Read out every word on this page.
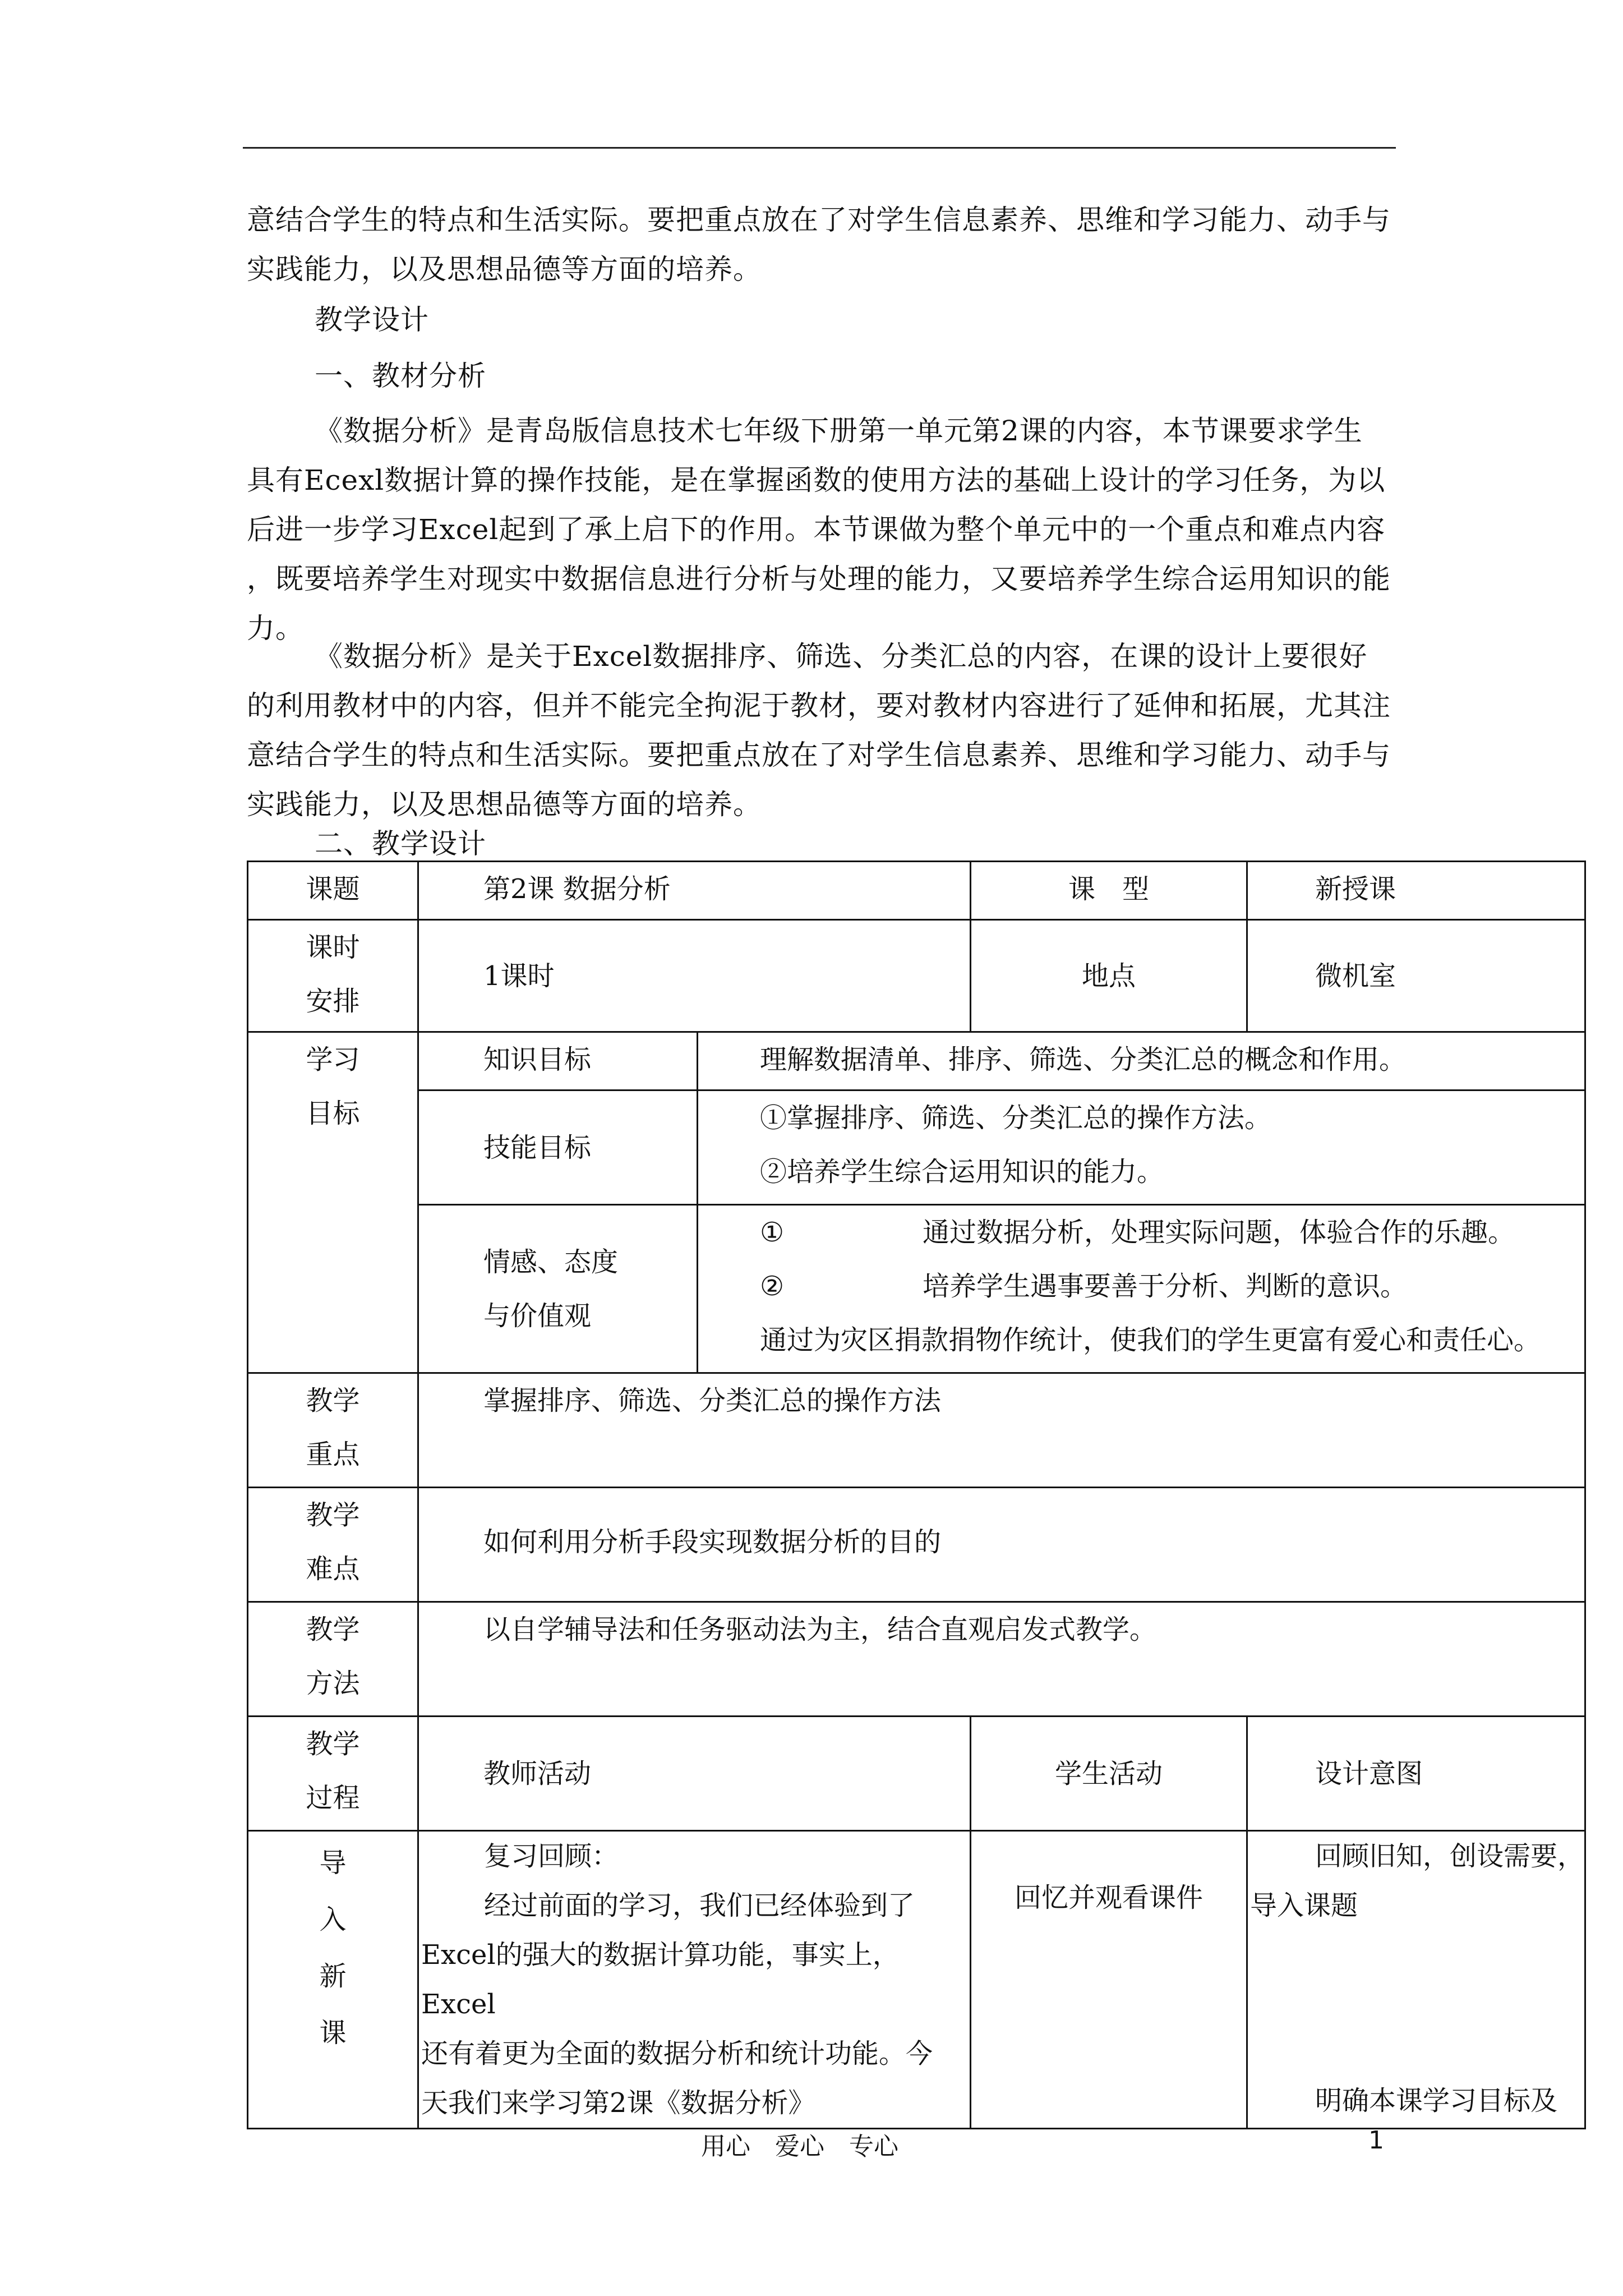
意结合学生的特点和生活实际。要把重点放在了对学生信息素养、思维和学习能力、动手与
实践能力，以及思想品德等方面的培养。
教学设计
一、教材分析
《数据分析》是青岛版信息技术七年级下册第一单元第2课的内容，本节课要求学生
具有Ecexl数据计算的操作技能，是在掌握函数的使用方法的基础上设计的学习任务，为以
后进一步学习Excel起到了承上启下的作用。本节课做为整个单元中的一个重点和难点内容
，既要培养学生对现实中数据信息进行分析与处理的能力，又要培养学生综合运用知识的能
力。
《数据分析》是关于Excel数据排序、筛选、分类汇总的内容，在课的设计上要很好
的利用教材中的内容，但并不能完全拘泥于教材，要对教材内容进行了延伸和拓展，尤其注
意结合学生的特点和生活实际。要把重点放在了对学生信息素养、思维和学习能力、动手与
实践能力，以及思想品德等方面的培养。
二、教学设计
课题	第2课 数据分析		课　型	新授课

课时
安排	1课时		地点	微机室

学习
目标	知识目标	理解数据清单、排序、筛选、分类汇总的概念和作用。		
	技能目标	①掌握排序、筛选、分类汇总的操作方法。
②培养学生综合运用知识的能力。		

	情感、态度
与价值观	① 通过数据分析，处理实际问题，体验合作的乐趣。
② 培养学生遇事要善于分析、判断的意识。
通过为灾区捐款捐物作统计，使我们的学生更富有爱心和责任心。		

教学
重点	掌握排序、筛选、分类汇总的操作方法			

教学
难点	如何利用分析手段实现数据分析的目的			

教学
方法	以自学辅导法和任务驱动法为主，结合直观启发式教学。			

教学
过程	教师活动		学生活动	设计意图

导
入
新
课	复习回顾：
经过前面的学习，我们已经体验到了
Excel的强大的数据计算功能，事实上，Excel
还有着更为全面的数据分析和统计功能。今
天我们来学习第2课《数据分析》		回忆并观看课件	回顾旧知，创设需要，
导入课题
明确本课学习目标及
用心　爱心　专心	1
